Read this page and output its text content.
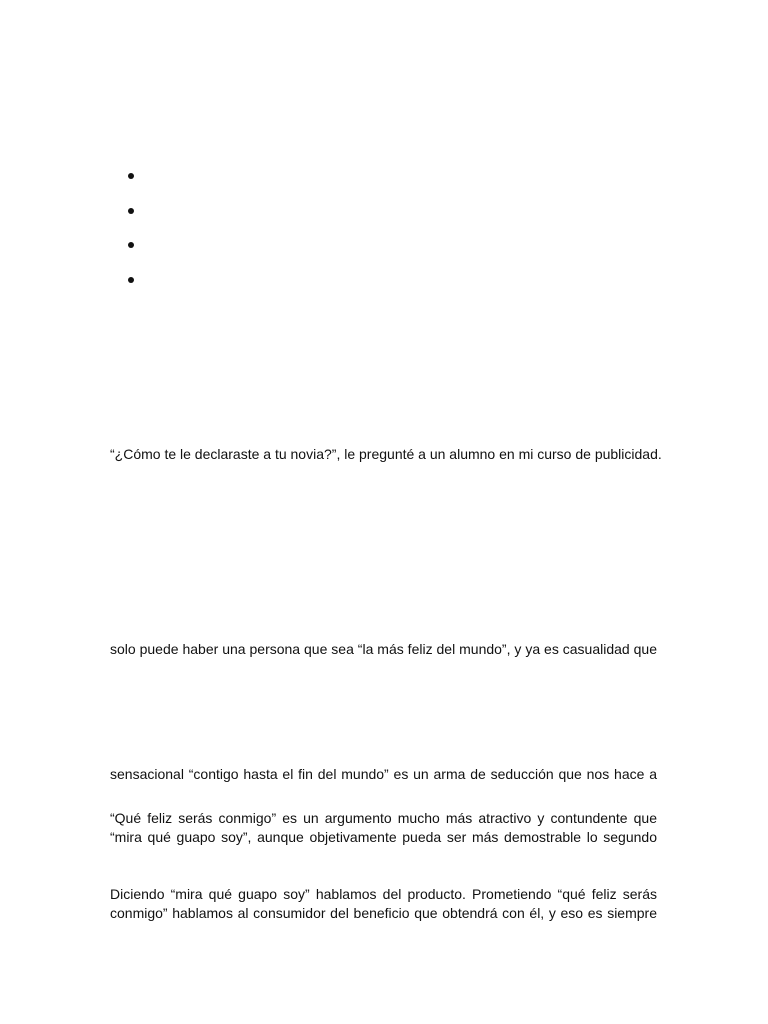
“¿Cómo te le declaraste a tu novia?”, le pregunté a un alumno en mi curso de publicidad.
solo puede haber una persona que sea “la más feliz del mundo”, y ya es casualidad que
sensacional “contigo hasta el fin del mundo” es un arma de seducción que nos hace a
“Qué feliz serás conmigo” es un argumento mucho más atractivo y contundente que
“mira qué guapo soy”, aunque objetivamente pueda ser más demostrable lo segundo
Diciendo “mira qué guapo soy” hablamos del producto. Prometiendo “qué feliz serás
conmigo” hablamos al consumidor del beneficio que obtendrá con él, y eso es siempre
